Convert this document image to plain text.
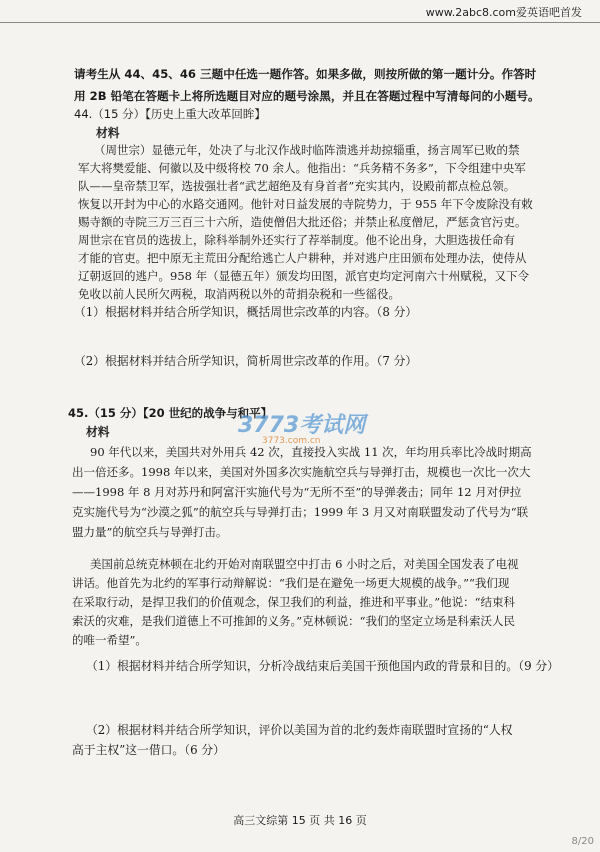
www.2abc8.com爱英语吧首发
请考生从 44、45、46 三题中任选一题作答。如果多做，则按所做的第一题计分。作答时
用 2B 铅笔在答题卡上将所选题目对应的题号涂黑，并且在答题过程中写清每问的小题号。
44.（15 分）【历史上重大改革回眸】
材料
（周世宗）显德元年，处决了与北汉作战时临阵溃逃并劫掠辎重，扬言周军已败的禁
军大将樊爱能、何徽以及中级将校 70 余人。他指出：“兵务精不务多”，下令组建中央军
队——皇帝禁卫军，选拔强壮者“武艺超绝及有身首者”充实其内，设殿前都点检总领。
恢复以开封为中心的水路交通网。他针对日益发展的寺院势力，于 955 年下令废除没有敕
赐寺额的寺院三万三百三十六所，造使僧侣大批还俗；并禁止私度僧尼，严惩贪官污吏。
周世宗在官员的选拔上，除科举制外还实行了荐举制度。他不论出身，大胆选拔任命有
才能的官吏。把中原无主荒田分配给逃亡人户耕种，并对逃户庄田颁布处理办法，使侍从
辽朝返回的逃户。958 年（显德五年）颁发均田图，派官吏均定河南六十州赋税，又下令
免收以前人民所欠两税，取消两税以外的苛捐杂税和一些徭役。
（1）根据材料并结合所学知识，概括周世宗改革的内容。（8 分）
（2）根据材料并结合所学知识，简析周世宗改革的作用。（7 分）
45.（15 分）【20 世纪的战争与和平】
材料	3773考试网
3773.com.cn
90 年代以来，美国共对外用兵 42 次，直接投入实战 11 次，年均用兵率比冷战时期高
出一倍还多。1998 年以来，美国对外国多次实施航空兵与导弹打击，规模也一次比一次大
——1998 年 8 月对苏丹和阿富汗实施代号为“无所不至”的导弹袭击；同年 12 月对伊拉
克实施代号为“沙漠之狐”的航空兵与导弹打击；1999 年 3 月又对南联盟发动了代号为“联
盟力量”的航空兵与导弹打击。
美国前总统克林顿在北约开始对南联盟空中打击 6 小时之后，对美国全国发表了电视
讲话。他首先为北约的军事行动辩解说：“我们是在避免一场更大规模的战争。”“我们现
在采取行动，是捍卫我们的价值观念，保卫我们的利益，推进和平事业。”他说：“结束科
索沃的灾难，是我们道德上不可推卸的义务。”克林顿说：“我们的坚定立场是科索沃人民
的唯一希望”。
（1）根据材料并结合所学知识，分析冷战结束后美国干预他国内政的背景和目的。（9 分）
（2）根据材料并结合所学知识，评价以美国为首的北约轰炸南联盟时宣扬的“人权
高于主权”这一借口。（6 分）
高三文综第 15 页 共 16 页
8/20
